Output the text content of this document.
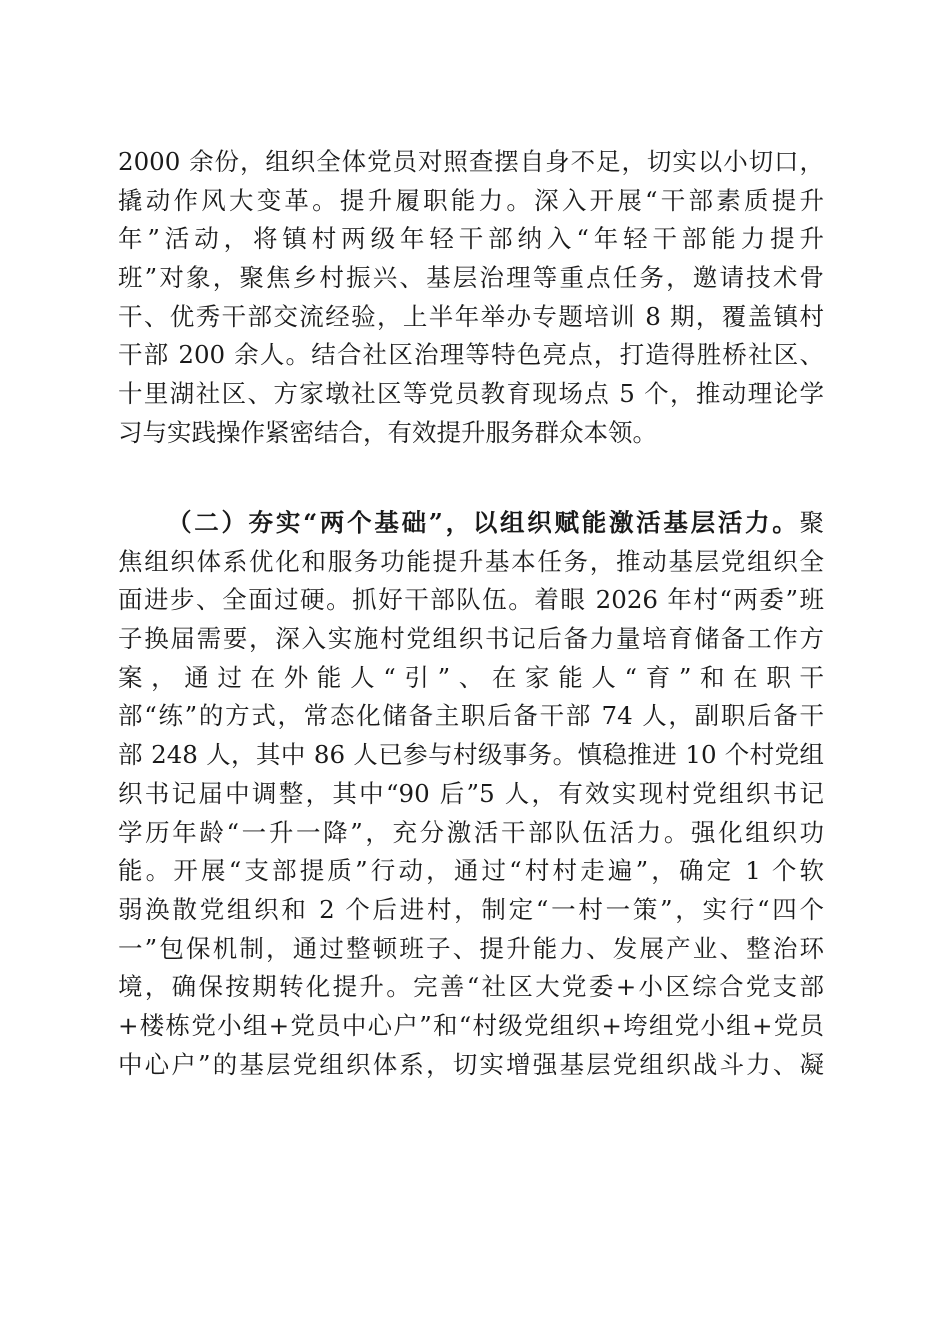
2000 余份，组织全体党员对照查摆自身不足，切实以小切口，
撬动作风大变革。提升履职能力。深入开展“干部素质提升
年”活动，将镇村两级年轻干部纳入“年轻干部能力提升
班”对象，聚焦乡村振兴、基层治理等重点任务，邀请技术骨
干、优秀干部交流经验，上半年举办专题培训 8 期，覆盖镇村
干部 200 余人。结合社区治理等特色亮点，打造得胜桥社区、
十里湖社区、方家墩社区等党员教育现场点 5 个，推动理论学
习与实践操作紧密结合，有效提升服务群众本领。
（二）夯实“两个基础”，以组织赋能激活基层活力。聚
焦组织体系优化和服务功能提升基本任务，推动基层党组织全
面进步、全面过硬。抓好干部队伍。着眼 2026 年村“两委”班
子换届需要，深入实施村党组织书记后备力量培育储备工作方
案，通过在外能人“引”、在家能人“育”和在职干
部“练”的方式，常态化储备主职后备干部 74 人，副职后备干
部 248 人，其中 86 人已参与村级事务。慎稳推进 10 个村党组
织书记届中调整，其中“90 后”5 人，有效实现村党组织书记
学历年龄“一升一降”，充分激活干部队伍活力。强化组织功
能。开展“支部提质”行动，通过“村村走遍”，确定 1 个软
弱涣散党组织和 2 个后进村，制定“一村一策”，实行“四个
一”包保机制，通过整顿班子、提升能力、发展产业、整治环
境，确保按期转化提升。完善“社区大党委+小区综合党支部
+楼栋党小组+党员中心户”和“村级党组织+垮组党小组+党员
中心户”的基层党组织体系，切实增强基层党组织战斗力、凝
